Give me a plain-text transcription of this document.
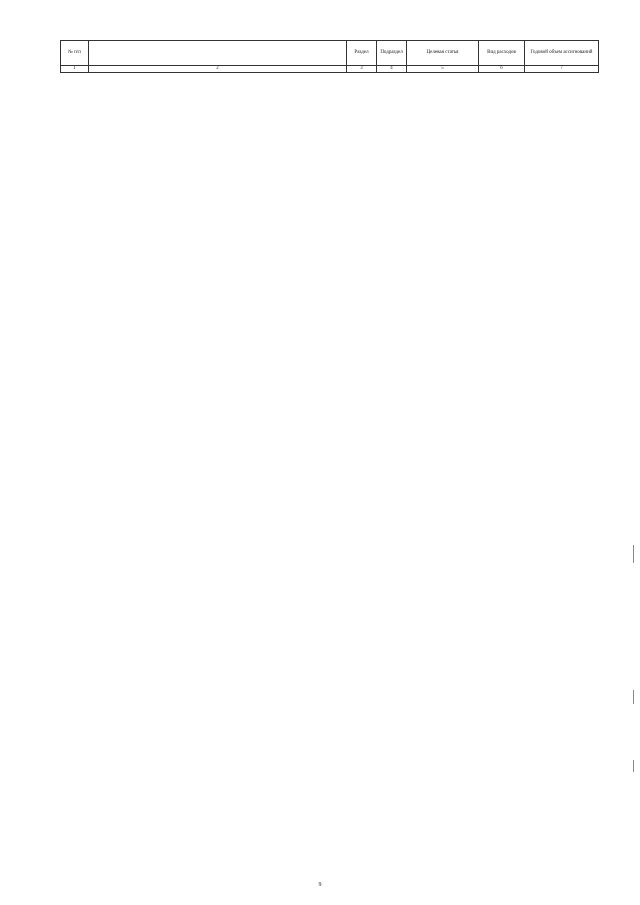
№ п/п		Раздел	Подраздел	Целевая статья	Вид расходов	Годовой объем ассигнований
1	2	3	4	5	6	7
9
